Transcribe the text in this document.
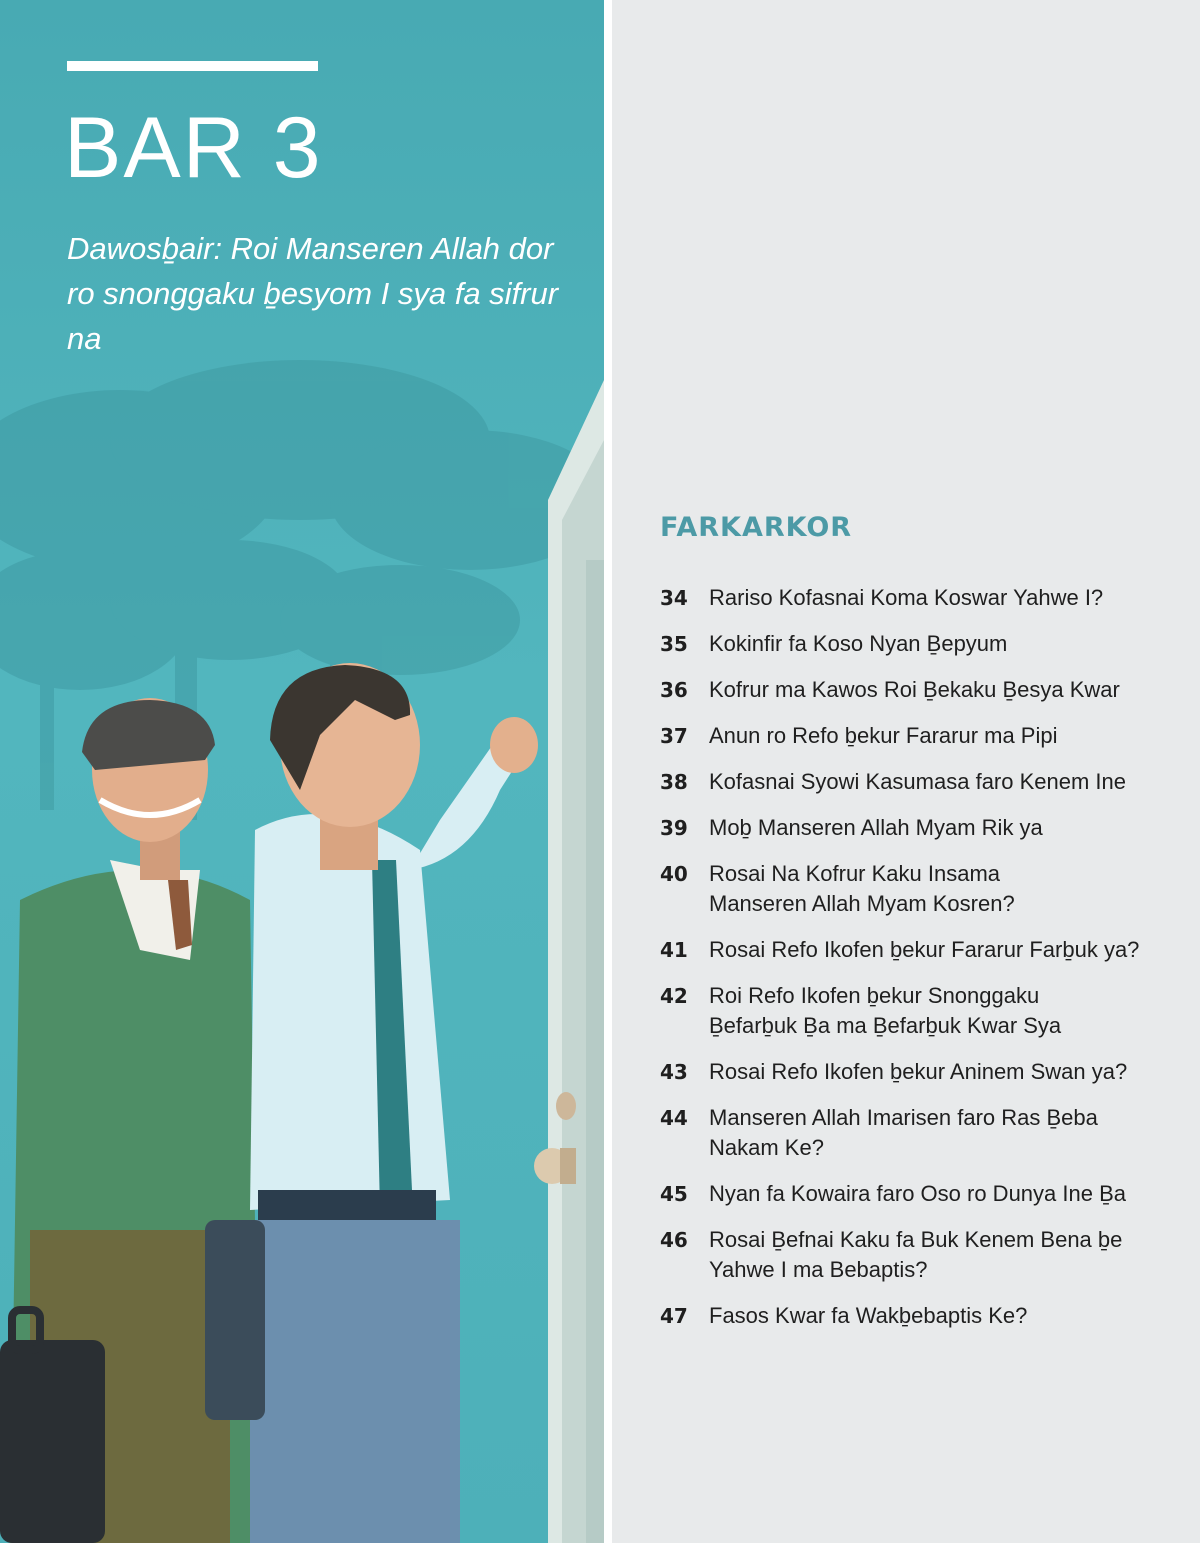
BAR 3

Dawosḇair: Roi Manseren Allah dor ro snonggaku ḇesyom I sya fa sifrur na

FARKARKOR
34 Rariso Kofasnai Koma Koswar Yahwe I?
35 Kokinfir fa Koso Nyan Ḇepyum
36 Kofrur ma Kawos Roi Ḇekaku Ḇesya Kwar
37 Anun ro Refo ḇekur Fararur ma Pipi
38 Kofasnai Syowi Kasumasa faro Kenem Ine
39 Moḇ Manseren Allah Myam Rik ya
40 Rosai Na Kofrur Kaku Insama
Manseren Allah Myam Kosren?
41 Rosai Refo Ikofen ḇekur Fararur Farḇuk ya?
42 Roi Refo Ikofen ḇekur Snonggaku
Ḇefarḇuk Ḇa ma Ḇefarḇuk Kwar Sya
43 Rosai Refo Ikofen ḇekur Aninem Swan ya?
44 Manseren Allah Imarisen faro Ras Ḇeba
Nakam Ke?
45 Nyan fa Kowaira faro Oso ro Dunya Ine Ḇa
46 Rosai Ḇefnai Kaku fa Buk Kenem Bena ḇe
Yahwe I ma Bebaptis?
47 Fasos Kwar fa Wakḇebaptis Ke?
